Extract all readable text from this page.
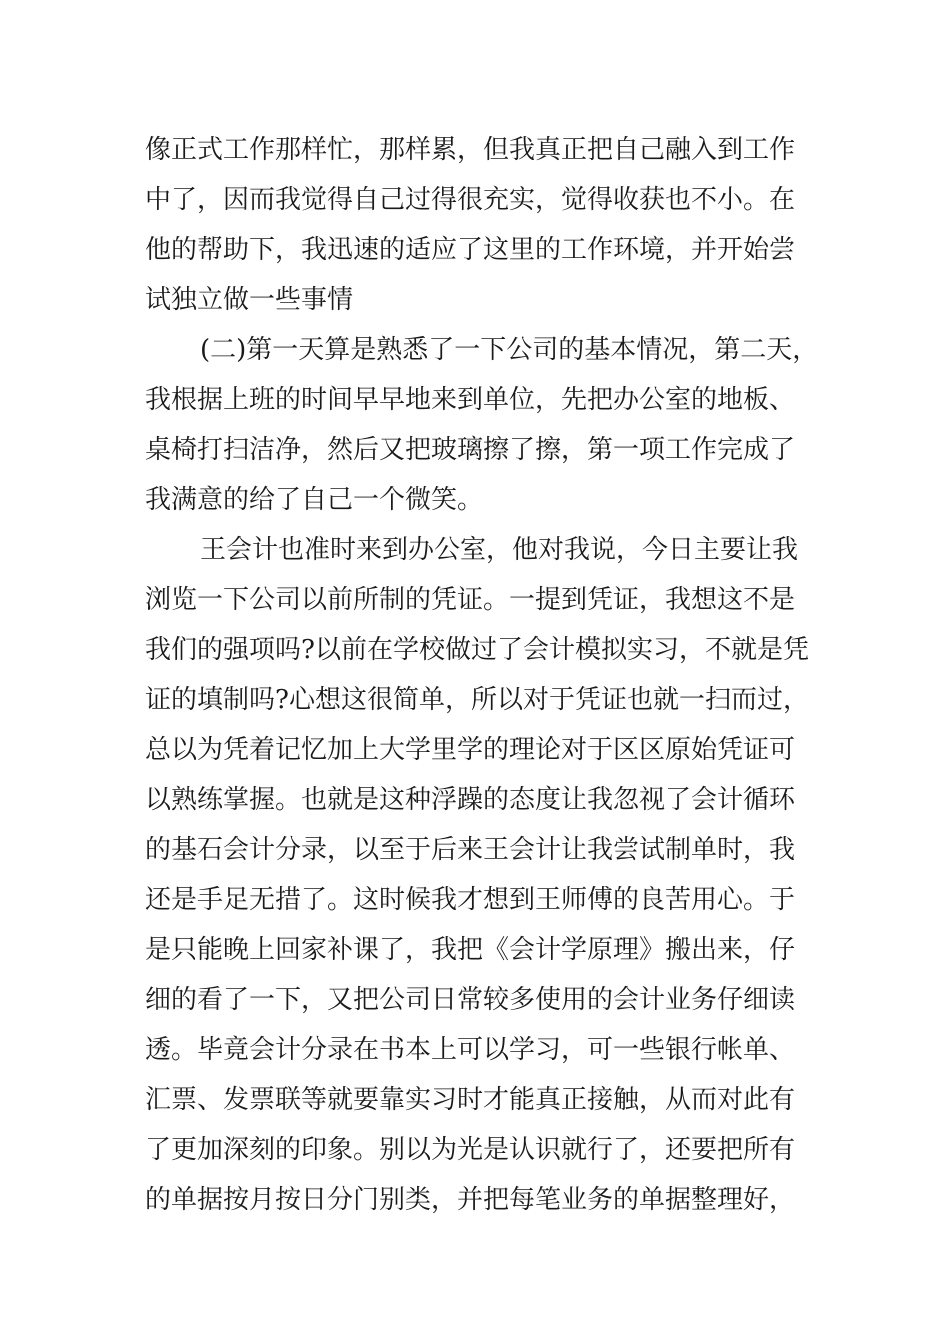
像正式工作那样忙，那样累，但我真正把自己融入到工作
中了，因而我觉得自己过得很充实，觉得收获也不小。在
他的帮助下，我迅速的适应了这里的工作环境，并开始尝
试独立做一些事情
(二)第一天算是熟悉了一下公司的基本情况，第二天，
我根据上班的时间早早地来到单位，先把办公室的地板、
桌椅打扫洁净，然后又把玻璃擦了擦，第一项工作完成了
我满意的给了自己一个微笑。
王会计也准时来到办公室，他对我说，今日主要让我
浏览一下公司以前所制的凭证。一提到凭证，我想这不是
我们的强项吗?以前在学校做过了会计模拟实习，不就是凭
证的填制吗?心想这很简单，所以对于凭证也就一扫而过，
总以为凭着记忆加上大学里学的理论对于区区原始凭证可
以熟练掌握。也就是这种浮躁的态度让我忽视了会计循环
的基石会计分录，以至于后来王会计让我尝试制单时，我
还是手足无措了。这时候我才想到王师傅的良苦用心。于
是只能晚上回家补课了，我把《会计学原理》搬出来，仔
细的看了一下，又把公司日常较多使用的会计业务仔细读
透。毕竟会计分录在书本上可以学习，可一些银行帐单、
汇票、发票联等就要靠实习时才能真正接触，从而对此有
了更加深刻的印象。别以为光是认识就行了，还要把所有
的单据按月按日分门别类，并把每笔业务的单据整理好，
